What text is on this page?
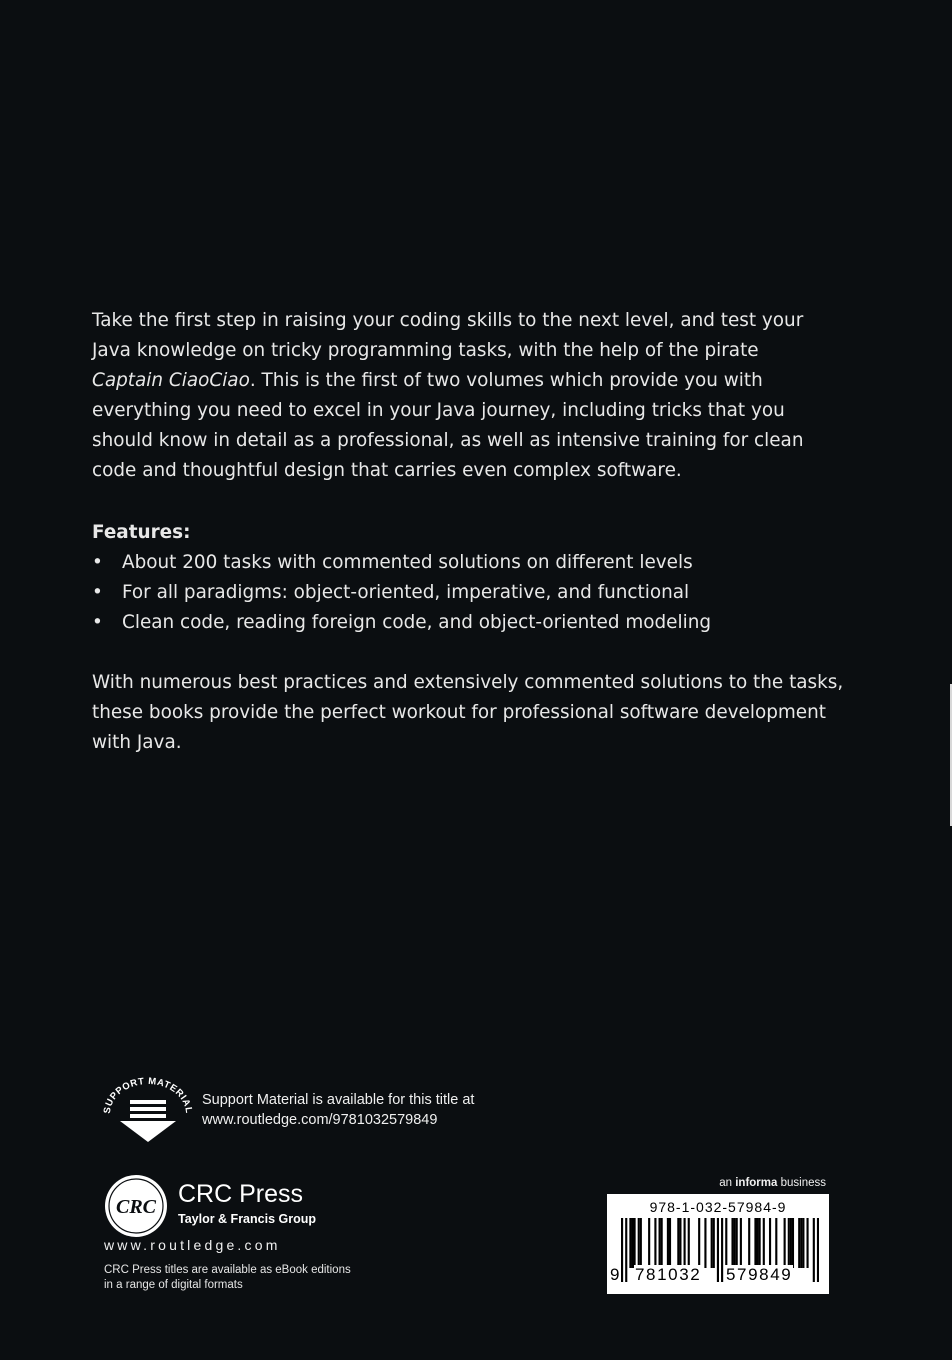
Take the first step in raising your coding skills to the next level, and test your
Java knowledge on tricky programming tasks, with the help of the pirate
Captain CiaoCiao. This is the first of two volumes which provide you with
everything you need to excel in your Java journey, including tricks that you
should know in detail as a professional, as well as intensive training for clean
code and thoughtful design that carries even complex software.

Features:

• About 200 tasks with commented solutions on different levels
• For all paradigms: object-oriented, imperative, and functional
• Clean code, reading foreign code, and object-oriented modeling

With numerous best practices and extensively commented solutions to the tasks,
these books provide the perfect workout for professional software development
with Java.

SUPPORT MATERIAL
Support Material is available for this title at
www.routledge.com/9781032579849
CRC CRC Press
Taylor & Francis Group
www.routledge.com
CRC Press titles are available as eBook editions
in a range of digital formats
an informa business
978-1-032-57984-9
9 781032 579849
